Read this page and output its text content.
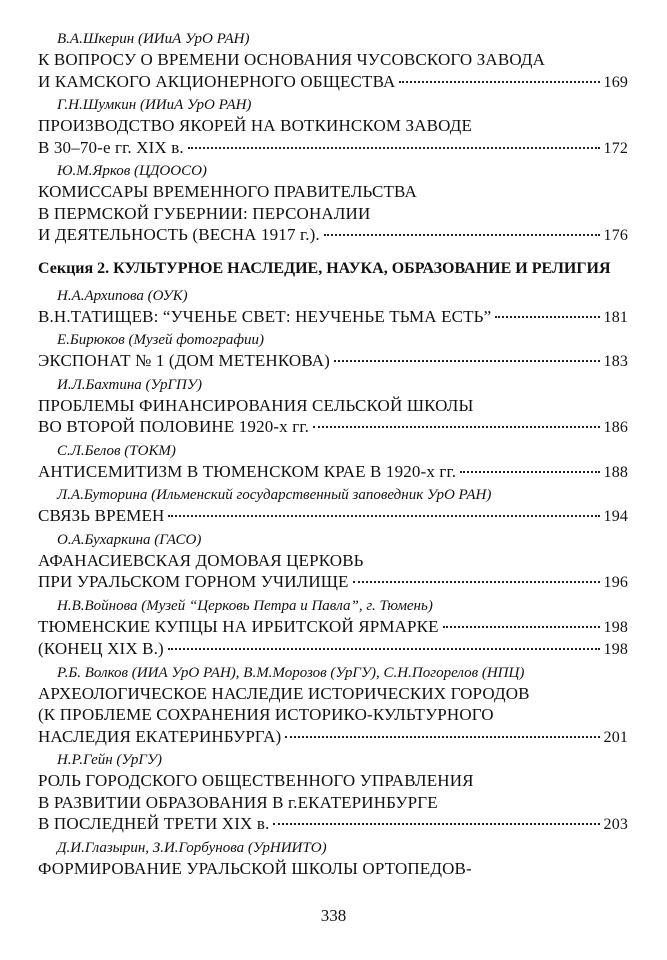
В.А.Шкерин (ИИиА УрО РАН)
К ВОПРОСУ О ВРЕМЕНИ ОСНОВАНИЯ ЧУСОВСКОГО ЗАВОДА
И КАМСКОГО АКЦИОНЕРНОГО ОБЩЕСТВА	169
Г.Н.Шумкин (ИИиА УрО РАН)
ПРОИЗВОДСТВО ЯКОРЕЙ НА ВОТКИНСКОМ ЗАВОДЕ
В 30–70-е гг. XIX в.	172
Ю.М.Ярков (ЦДООСО)
КОМИССАРЫ ВРЕМЕННОГО ПРАВИТЕЛЬСТВА
В ПЕРМСКОЙ ГУБЕРНИИ: ПЕРСОНАЛИИ
И ДЕЯТЕЛЬНОСТЬ (ВЕСНА 1917 г.).	176
Секция 2. КУЛЬТУРНОЕ НАСЛЕДИЕ, НАУКА, ОБРАЗОВАНИЕ И РЕЛИГИЯ
Н.А.Архипова (ОУК)
В.Н.ТАТИЩЕВ: “УЧЕНЬЕ СВЕТ: НЕУЧЕНЬЕ ТЬМА ЕСТЬ”	181
Е.Бирюков (Музей фотографии)
ЭКСПОНАТ № 1 (ДОМ МЕТЕНКОВА)	183
И.Л.Бахтина (УрГПУ)
ПРОБЛЕМЫ ФИНАНСИРОВАНИЯ СЕЛЬСКОЙ ШКОЛЫ
ВО ВТОРОЙ ПОЛОВИНЕ 1920-х гг.	186
С.Л.Белов (ТОКМ)
АНТИСЕМИТИЗМ В ТЮМЕНСКОМ КРАЕ В 1920-х гг.	188
Л.А.Буторина (Ильменский государственный заповедник УрО РАН)
СВЯЗЬ ВРЕМЕН	194
О.А.Бухаркина (ГАСО)
АФАНАСИЕВСКАЯ ДОМОВАЯ ЦЕРКОВЬ
ПРИ УРАЛЬСКОМ ГОРНОМ УЧИЛИЩЕ	196
Н.В.Войнова (Музей “Церковь Петра и Павла”, г. Тюмень)
ТЮМЕНСКИЕ КУПЦЫ НА ИРБИТСКОЙ ЯРМАРКЕ	198
(КОНЕЦ XIX В.)	198
Р.Б. Волков (ИИА УрО РАН), В.М.Морозов (УрГУ), С.Н.Погорелов (НПЦ)
АРХЕОЛОГИЧЕСКОЕ НАСЛЕДИЕ ИСТОРИЧЕСКИХ ГОРОДОВ
(К ПРОБЛЕМЕ СОХРАНЕНИЯ ИСТОРИКО-КУЛЬТУРНОГО
НАСЛЕДИЯ ЕКАТЕРИНБУРГА)	201
Н.Р.Гейн (УрГУ)
РОЛЬ ГОРОДСКОГО ОБЩЕСТВЕННОГО УПРАВЛЕНИЯ
В РАЗВИТИИ ОБРАЗОВАНИЯ В г.ЕКАТЕРИНБУРГЕ
В ПОСЛЕДНЕЙ ТРЕТИ XIX в.	203
Д.И.Глазырин, З.И.Горбунова (УрНИИТО)
ФОРМИРОВАНИЕ УРАЛЬСКОЙ ШКОЛЫ ОРТОПЕДОВ-
338
